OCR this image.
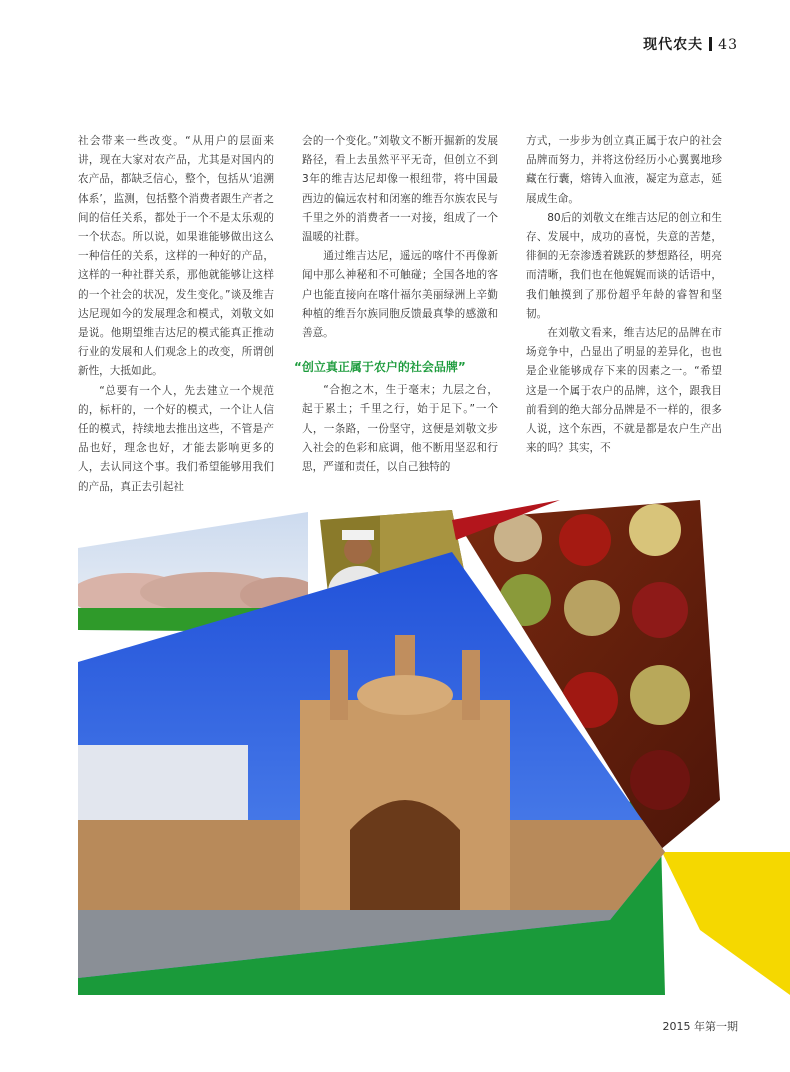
现代农夫 43

社会带来一些改变。“从用户的层面来讲，现在大家对农产品，尤其是对国内的农产品，都缺乏信心，整个，包括从‘追溯体系’，监测，包括整个消费者跟生产者之间的信任关系，都处于一个不是太乐观的一个状态。所以说，如果谁能够做出这么一种信任的关系，这样的一种好的产品，这样的一种社群关系，那他就能够让这样的一个社会的状况，发生变化。”谈及维吉达尼现如今的发展理念和模式，刘敬文如是说。他期望维吉达尼的模式能真正推动行业的发展和人们观念上的改变，所谓创新性，大抵如此。

“总要有一个人，先去建立一个规范的，标杆的，一个好的模式，一个让人信任的模式，持续地去推出这些，不管是产品也好，理念也好，才能去影响更多的人，去认同这个事。我们希望能够用我们的产品，真正去引起社

会的一个变化。”刘敬文不断开掘新的发展路径，看上去虽然平平无奇，但创立不到3年的维吉达尼却像一根纽带，将中国最西边的偏远农村和闭塞的维吾尔族农民与千里之外的消费者一一对接，组成了一个温暖的社群。

通过维吉达尼，遥远的喀什不再像新闻中那么神秘和不可触碰；全国各地的客户也能直接向在喀什福尔美丽绿洲上辛勤种植的维吾尔族同胞反馈最真挚的感激和善意。

“创立真正属于农户的社会品牌”

“合抱之木，生于毫末；九层之台，起于累土；千里之行，始于足下。”一个人，一条路，一份坚守，这便是刘敬文步入社会的色彩和底调，他不断用坚忍和行思，严谨和责任，以自己独特的

方式，一步步为创立真正属于农户的社会品牌而努力，并将这份经历小心翼翼地珍藏在行囊，熔铸入血液，凝定为意志，延展成生命。

80后的刘敬文在维吉达尼的创立和生存、发展中，成功的喜悦，失意的苦楚，徘徊的无奈渗透着跳跃的梦想路径，明亮而清晰，我们也在他娓娓而谈的话语中，我们触摸到了那份超乎年龄的睿智和坚韧。

在刘敬文看来，维吉达尼的品牌在市场竞争中，凸显出了明显的差异化，也也是企业能够成存下来的因素之一。“希望这是一个属于农户的品牌，这个，跟我目前看到的绝大部分品牌是不一样的，很多人说，这个东西，不就是都是农户生产出来的吗？其实，不

2015 年第一期
